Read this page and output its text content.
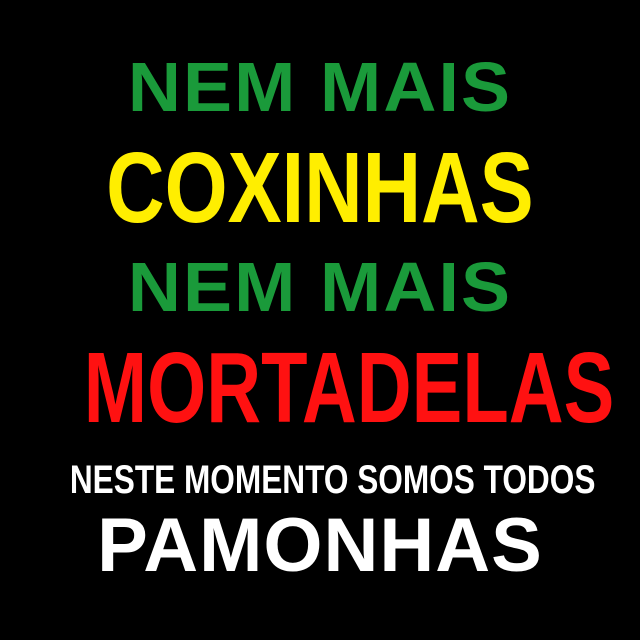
NEM MAIS
COXINHAS
NEM MAIS
MORTADELAS
NESTE MOMENTO SOMOS TODOS
PAMONHAS
